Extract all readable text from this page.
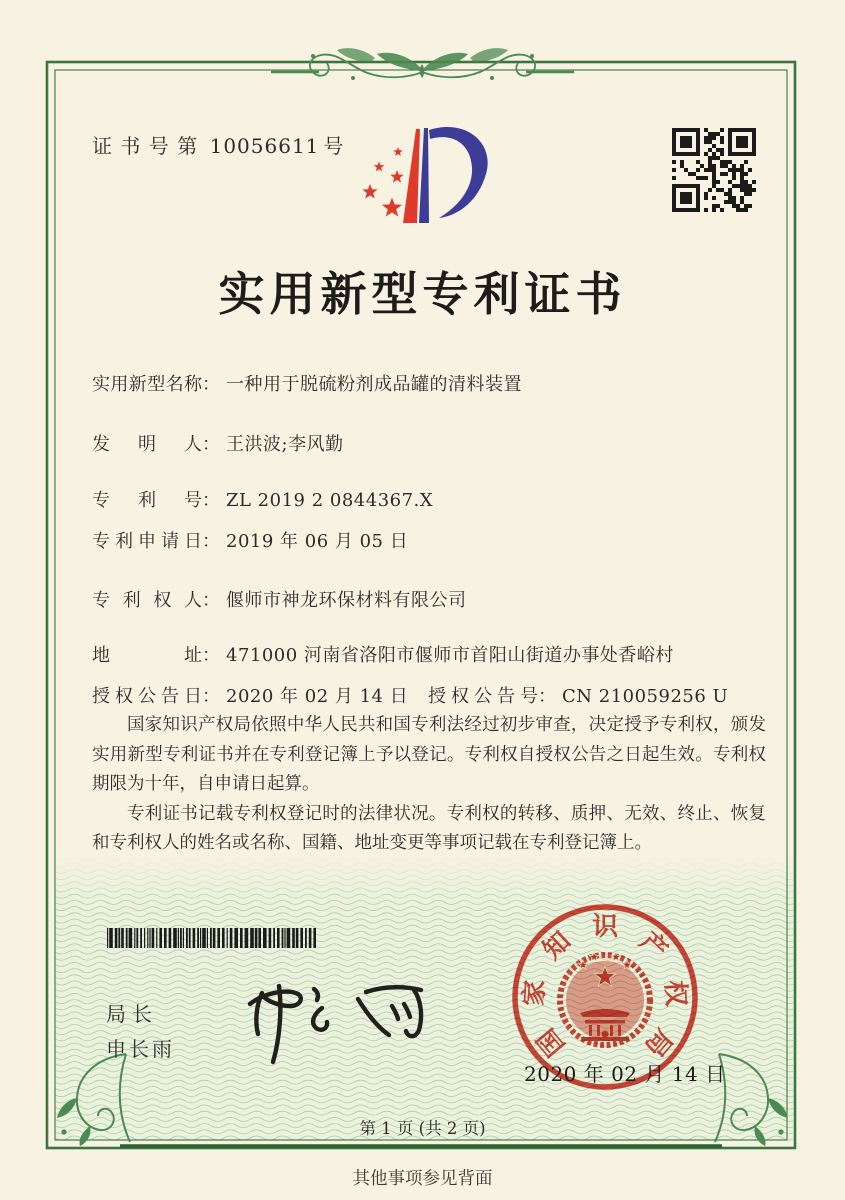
证书号第 10056611 号
实用新型专利证书
实用新型名称： 一种用于脱硫粉剂成品罐的清料装置
发明人： 王洪波;李风勤
专利号： ZL 2019 2 0844367.X
专利申请日： 2019 年 06 月 05 日
专利权人： 偃师市神龙环保材料有限公司
地址： 471000 河南省洛阳市偃师市首阳山街道办事处香峪村
授权公告日： 2020 年 02 月 14 日 授权公告号： CN 210059256 U

国家知识产权局依照中华人民共和国专利法经过初步审查，决定授予专利权，颁发实用新型专利证书并在专利登记簿上予以登记。专利权自授权公告之日起生效。专利权期限为十年，自申请日起算。

专利证书记载专利权登记时的法律状况。专利权的转移、质押、无效、终止、恢复和专利权人的姓名或名称、国籍、地址变更等事项记载在专利登记簿上。

局长
申长雨	国
家
知 识 产
权
局
2020 年 02 月 14 日
第 1 页 (共 2 页)
其他事项参见背面
